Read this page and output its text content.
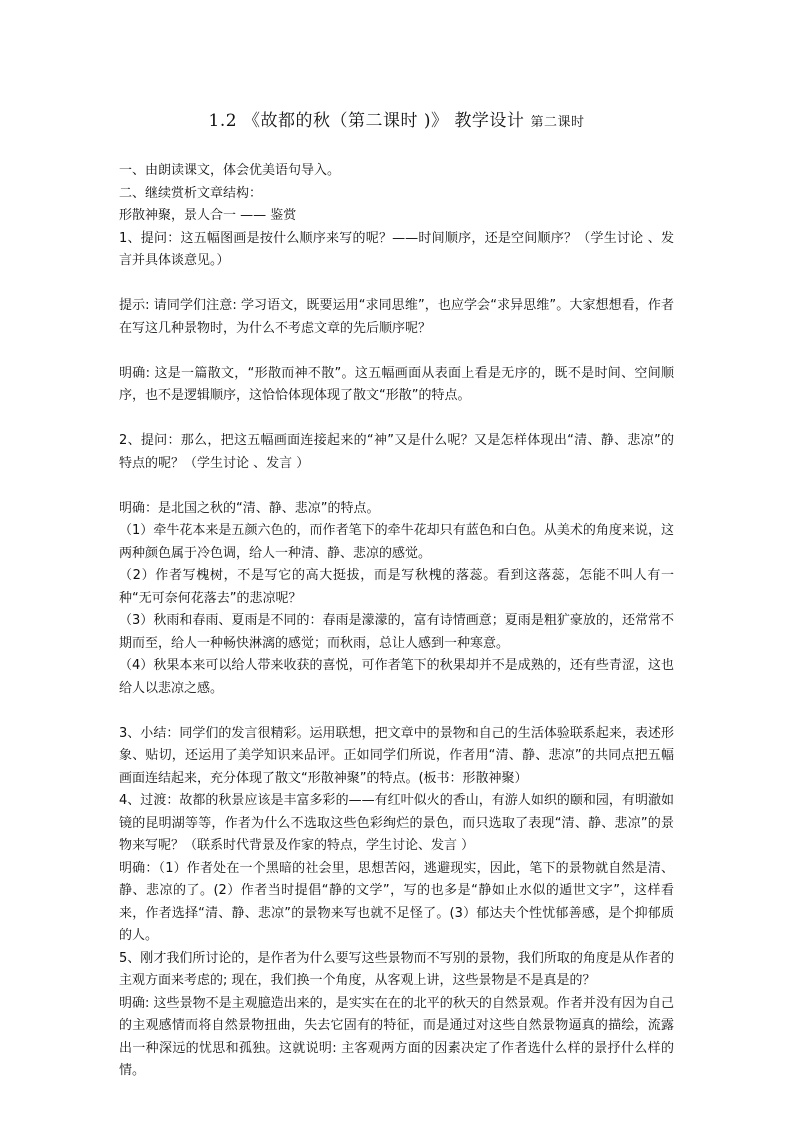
1.2 《故都的秋（第二课时 )》 教学设计 第二课时

一、由朗读课文，体会优美语句导入。

二、继续赏析文章结构：

形散神聚，景人合一 —— 鉴赏

1、提问：这五幅图画是按什么顺序来写的呢？——时间顺序，还是空间顺序？（学生讨论 、发言并具体谈意见。）

提示: 请同学们注意: 学习语文，既要运用“求同思维”，也应学会“求异思维”。大家想想看，作者在写这几种景物时，为什么不考虑文章的先后顺序呢？

明确: 这是一篇散文，“形散而神不散”。这五幅画面从表面上看是无序的，既不是时间、空间顺序，也不是逻辑顺序，这恰恰体现体现了散文“形散”的特点。

2、提问：那么，把这五幅画面连接起来的“神”又是什么呢？又是怎样体现出“清、静、悲凉”的特点的呢？（学生讨论 、发言 ）

明确：是北国之秋的“清、静、悲凉”的特点。

（1）牵牛花本来是五颜六色的，而作者笔下的牵牛花却只有蓝色和白色。从美术的角度来说，这两种颜色属于冷色调，给人一种清、静、悲凉的感觉。

（2）作者写槐树，不是写它的高大挺拔，而是写秋槐的落蕊。看到这落蕊，怎能不叫人有一种“无可奈何花落去”的悲凉呢？

（3）秋雨和春雨、夏雨是不同的：春雨是濛濛的，富有诗情画意；夏雨是粗犷豪放的，还常常不期而至，给人一种畅快淋漓的感觉；而秋雨，总让人感到一种寒意。

（4）秋果本来可以给人带来收获的喜悦，可作者笔下的秋果却并不是成熟的，还有些青涩，这也给人以悲凉之感。

3、小结：同学们的发言很精彩。运用联想，把文章中的景物和自己的生活体验联系起来，表述形象、贴切，还运用了美学知识来品评。正如同学们所说，作者用“清、静、悲凉”的共同点把五幅画面连结起来，充分体现了散文“形散神聚”的特点。(板书：形散神聚）

4、过渡：故都的秋景应该是丰富多彩的——有红叶似火的香山，有游人如织的颐和园，有明澈如镜的昆明湖等等，作者为什么不选取这些色彩绚烂的景色，而只选取了表现“清、静、悲凉”的景物来写呢？（联系时代背景及作家的特点，学生讨论、发言 ）

明确：（1）作者处在一个黑暗的社会里，思想苦闷，逃避现实，因此，笔下的景物就自然是清、静、悲凉的了。(2）作者当时提倡“静的文学”，写的也多是“静如止水似的遁世文字”，这样看来，作者选择“清、静、悲凉”的景物来写也就不足怪了。(3）郁达夫个性忧郁善感，是个抑郁质的人。

5、刚才我们所讨论的，是作者为什么要写这些景物而不写别的景物，我们所取的角度是从作者的主观方面来考虑的; 现在，我们换一个角度，从客观上讲，这些景物是不是真是的？

明确: 这些景物不是主观臆造出来的，是实实在在的北平的秋天的自然景观。作者并没有因为自己的主观感情而将自然景物扭曲，失去它固有的特征，而是通过对这些自然景物逼真的描绘，流露出一种深远的忧思和孤独。这就说明: 主客观两方面的因素决定了作者选什么样的景抒什么样的情。
